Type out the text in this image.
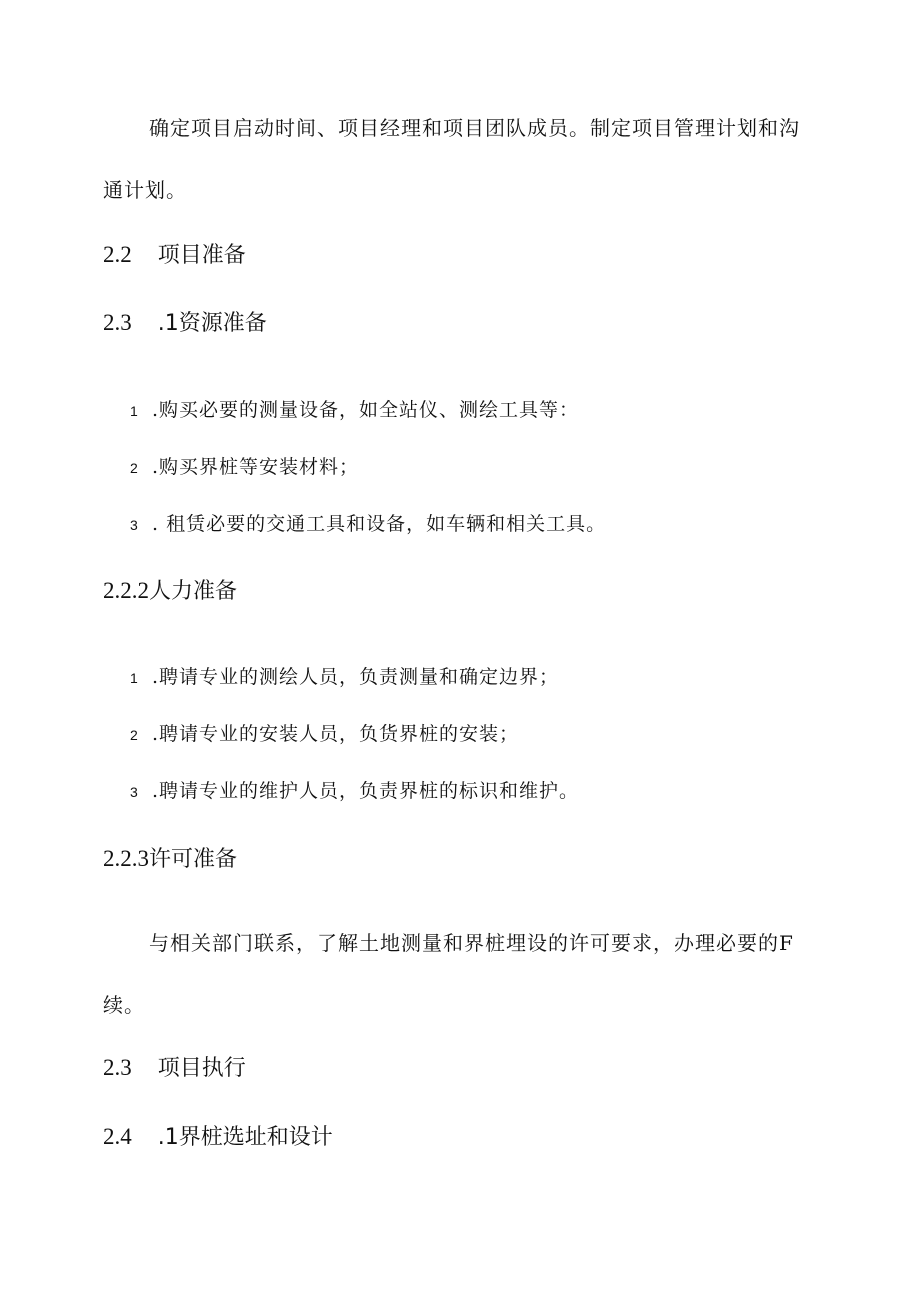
确定项目启动时间、项目经理和项目团队成员。制定项目管理计划和沟通计划。

2.2 项目准备
2.3 .1资源准备
1 .购买必要的测量设备，如全站仪、测绘工具等：
2 .购买界桩等安装材料；
3 . 租赁必要的交通工具和设备，如车辆和相关工具。
2.2.2人力准备
1 .聘请专业的测绘人员，负责测量和确定边界；
2 .聘请专业的安装人员，负货界桩的安装；
3 .聘请专业的维护人员，负责界桩的标识和维护。
2.2.3许可准备

与相关部门联系，了解土地测量和界桩埋设的许可要求，办理必要的F续。

2.3 项目执行
2.4 .1界桩选址和设计
